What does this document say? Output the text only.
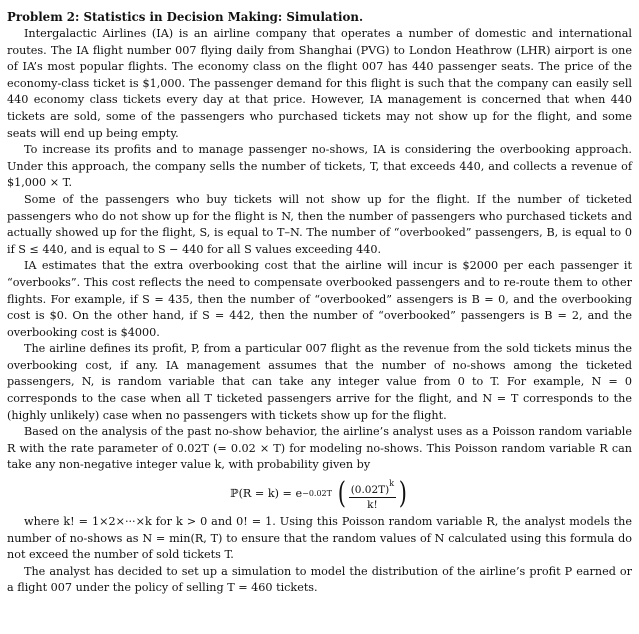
Problem 2: Statistics in Decision Making: Simulation.

Intergalactic Airlines (IA) is an airline company that operates a number of domestic and international routes. The IA flight number 007 flying daily from Shanghai (PVG) to London Heathrow (LHR) airport is one of IA’s most popular flights. The economy class on the flight 007 has 440 passenger seats. The price of the economy-class ticket is $1,000. The passenger demand for this flight is such that the company can easily sell 440 economy class tickets every day at that price. However, IA management is concerned that when 440 tickets are sold, some of the passengers who purchased tickets may not show up for the flight, and some seats will end up being empty.

To increase its profits and to manage passenger no-shows, IA is considering the overbooking approach. Under this approach, the company sells the number of tickets, T, that exceeds 440, and collects a revenue of $1,000 × T.

Some of the passengers who buy tickets will not show up for the flight. If the number of ticketed passengers who do not show up for the flight is N, then the number of passengers who purchased tickets and actually showed up for the flight, S, is equal to T–N. The number of “overbooked” passengers, B, is equal to 0 if S ≤ 440, and is equal to S − 440 for all S values exceeding 440.

IA estimates that the extra overbooking cost that the airline will incur is $2000 per each passenger it “overbooks”. This cost reflects the need to compensate overbooked passengers and to re-route them to other flights. For example, if S = 435, then the number of “overbooked” assengers is B = 0, and the overbooking cost is $0. On the other hand, if S = 442, then the number of “overbooked” passengers is B = 2, and the overbooking cost is $4000.

The airline defines its profit, P, from a particular 007 flight as the revenue from the sold tickets minus the overbooking cost, if any. IA management assumes that the number of no-shows among the ticketed passengers, N, is random variable that can take any integer value from 0 to T. For example, N = 0 corresponds to the case when all T ticketed passengers arrive for the flight, and N = T corresponds to the (highly unlikely) case when no passengers with tickets show up for the flight.

Based on the analysis of the past no-show behavior, the airline’s analyst uses as a Poisson random variable R with the rate parameter of 0.02T (= 0.02 × T) for modeling no-shows. This Poisson random variable R can take any non-negative integer value k, with probability given by

ℙ(R = k) = e −0.02T ( $\frac{(0.02T)^k}{k!}$ )

where k! = 1×2×···×k for k > 0 and 0! = 1. Using this Poisson random variable R, the analyst models the number of no-shows as N = min(R, T) to ensure that the random values of N calculated using this formula do not exceed the number of sold tickets T.

The analyst has decided to set up a simulation to model the distribution of the airline’s profit P earned or a flight 007 under the policy of selling T = 460 tickets.
